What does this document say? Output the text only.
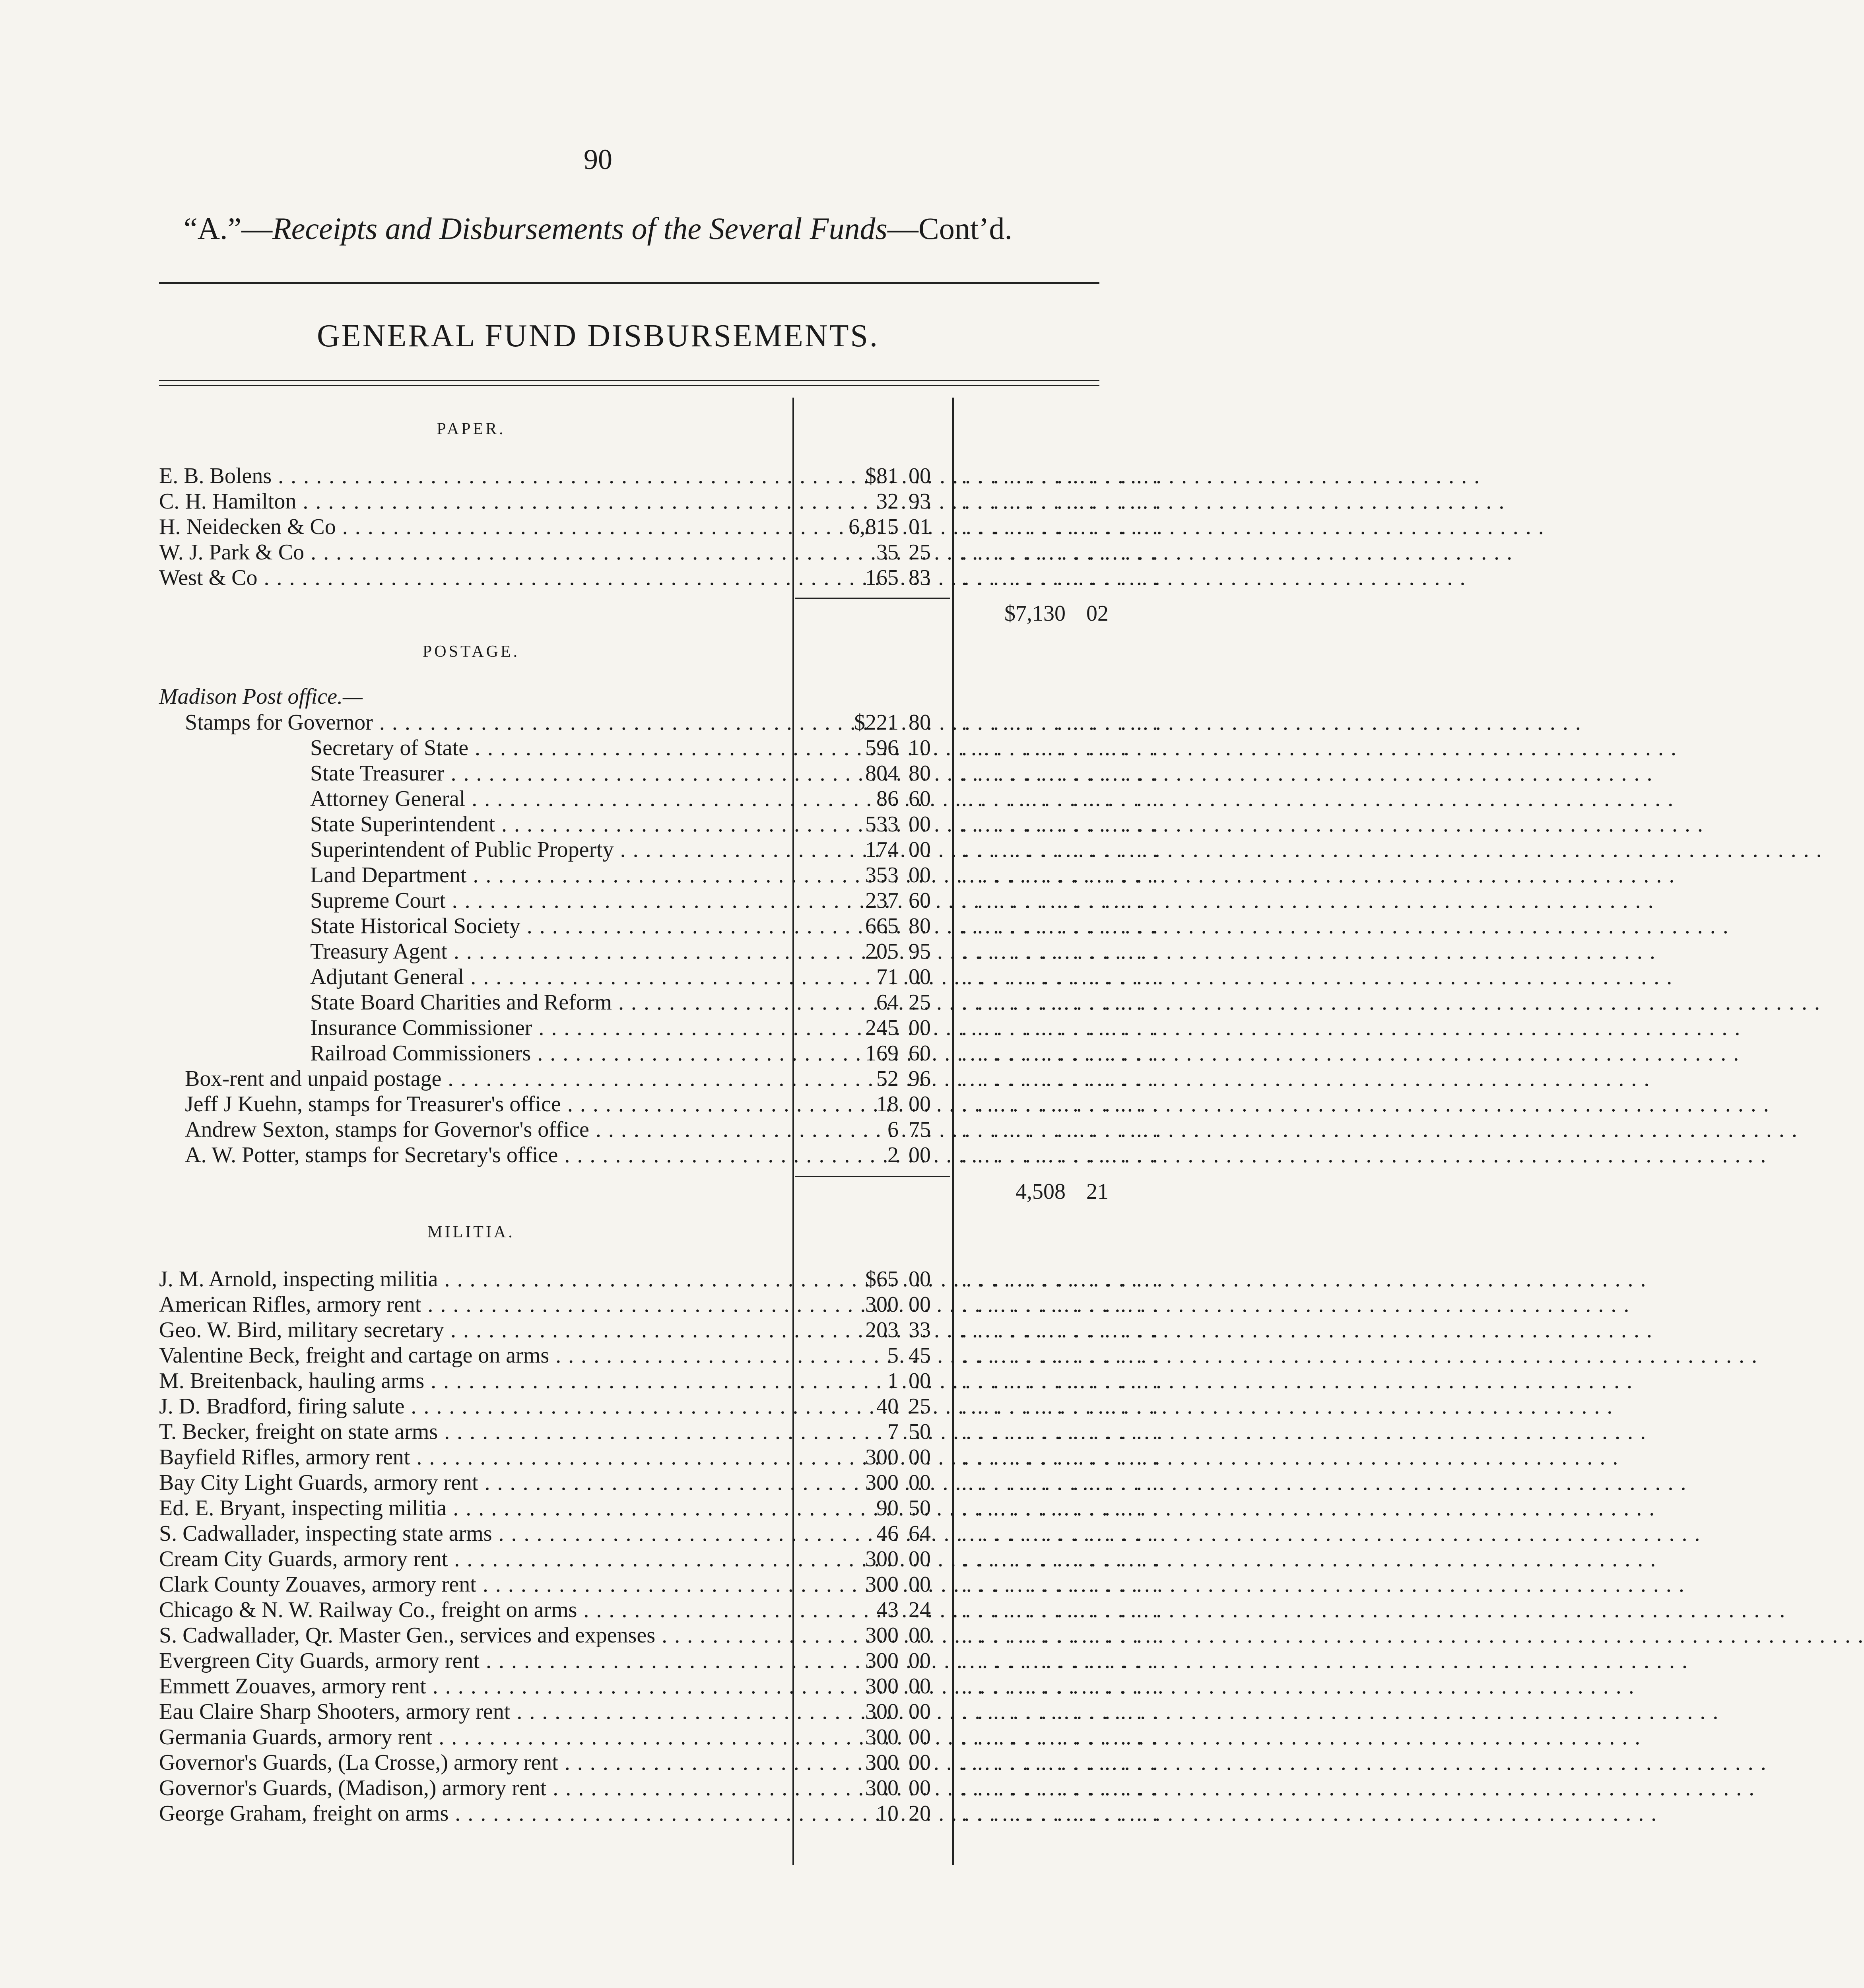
90
“A.”—Receipts and Disbursements of the Several Funds—Cont’d.
GENERAL FUND DISBURSEMENTS.
PAPER.
E. B. Bolens . . .	$81 00	. . . . . . . . . . . . .
C. H. Hamilton . . .	32 93	. . . . . . . . . . . . .
H. Neidecken & Co . . .	6,815 01	. . . . . . . . . . . . .
W. J. Park & Co . . .	35 25	. . . . . . . . . . . . .
West & Co . . .	165 83	. . . . . . . . . . . . .
$7,130 02
POSTAGE.
Madison Post office.—
Stamps for Governor . . .	$221 80	. . . . . . . . . . . . .
Secretary of State . . .	596 10	. . . . . . . . . . . . .
State Treasurer . . .	804 80	. . . . . . . . . . . . .
Attorney General . . .	86 60	. . . . . . . . . . . . .
State Superintendent . . .	533 00	. . . . . . . . . . . . .
Superintendent of Public Property . . .	174 00	. . . . . . . . . . . . .
Land Department . . .	353 00	. . . . . . . . . . . . .
Supreme Court . . .	237 60	. . . . . . . . . . . . .
State Historical Society . . .	665 80	. . . . . . . . . . . . .
Treasury Agent . . .	205 95	. . . . . . . . . . . . .
Adjutant General . . .	71 00	. . . . . . . . . . . . .
State Board Charities and Reform . . .	64 25	. . . . . . . . . . . . .
Insurance Commissioner . . .	245 00	. . . . . . . . . . . . .
Railroad Commissioners . . .	169 60	. . . . . . . . . . . . .
Box-rent and unpaid postage . . .	52 96	. . . . . . . . . . . . .
Jeff J Kuehn, stamps for Treasurer's office . . .	18 00	. . . . . . . . . . . . .
Andrew Sexton, stamps for Governor's office . . .	6 75	. . . . . . . . . . . . .
A. W. Potter, stamps for Secretary's office . . .	2 00	. . . . . . . . . . . . .
4,508 21
MILITIA.
J. M. Arnold, inspecting militia . . .	$65 00	. . . . . . . . . . . . .
American Rifles, armory rent . . .	300 00	. . . . . . . . . . . . .
Geo. W. Bird, military secretary . . .	203 33	. . . . . . . . . . . . .
Valentine Beck, freight and cartage on arms . . .	5 45	. . . . . . . . . . . . .
M. Breitenback, hauling arms . . .	1 00	. . . . . . . . . . . . .
J. D. Bradford, firing salute . . .	40 25	. . . . . . . . . . . . .
T. Becker, freight on state arms . . .	7 50	. . . . . . . . . . . . .
Bayfield Rifles, armory rent . . .	300 00	. . . . . . . . . . . . .
Bay City Light Guards, armory rent . . .	300 00	. . . . . . . . . . . . .
Ed. E. Bryant, inspecting militia . . .	90 50	. . . . . . . . . . . . .
S. Cadwallader, inspecting state arms . . .	46 64	. . . . . . . . . . . . .
Cream City Guards, armory rent . . .	300 00	. . . . . . . . . . . . .
Clark County Zouaves, armory rent . . .	300 00	. . . . . . . . . . . . .
Chicago & N. W. Railway Co., freight on arms . . .	43 24	. . . . . . . . . . . . .
S. Cadwallader, Qr. Master Gen., services and expenses . . .	300 00	. . . . . . . . . . . . .
Evergreen City Guards, armory rent . . .	300 00	. . . . . . . . . . . . .
Emmett Zouaves, armory rent . . .	300 00	. . . . . . . . . . . . .
Eau Claire Sharp Shooters, armory rent . . .	300 00	. . . . . . . . . . . . .
Germania Guards, armory rent . . .	300 00	. . . . . . . . . . . . .
Governor's Guards, (La Crosse,) armory rent . . .	300 00	. . . . . . . . . . . . .
Governor's Guards, (Madison,) armory rent . . .	300 00	. . . . . . . . . . . . .
George Graham, freight on arms . . .	10 20	. . . . . . . . . . . . .
